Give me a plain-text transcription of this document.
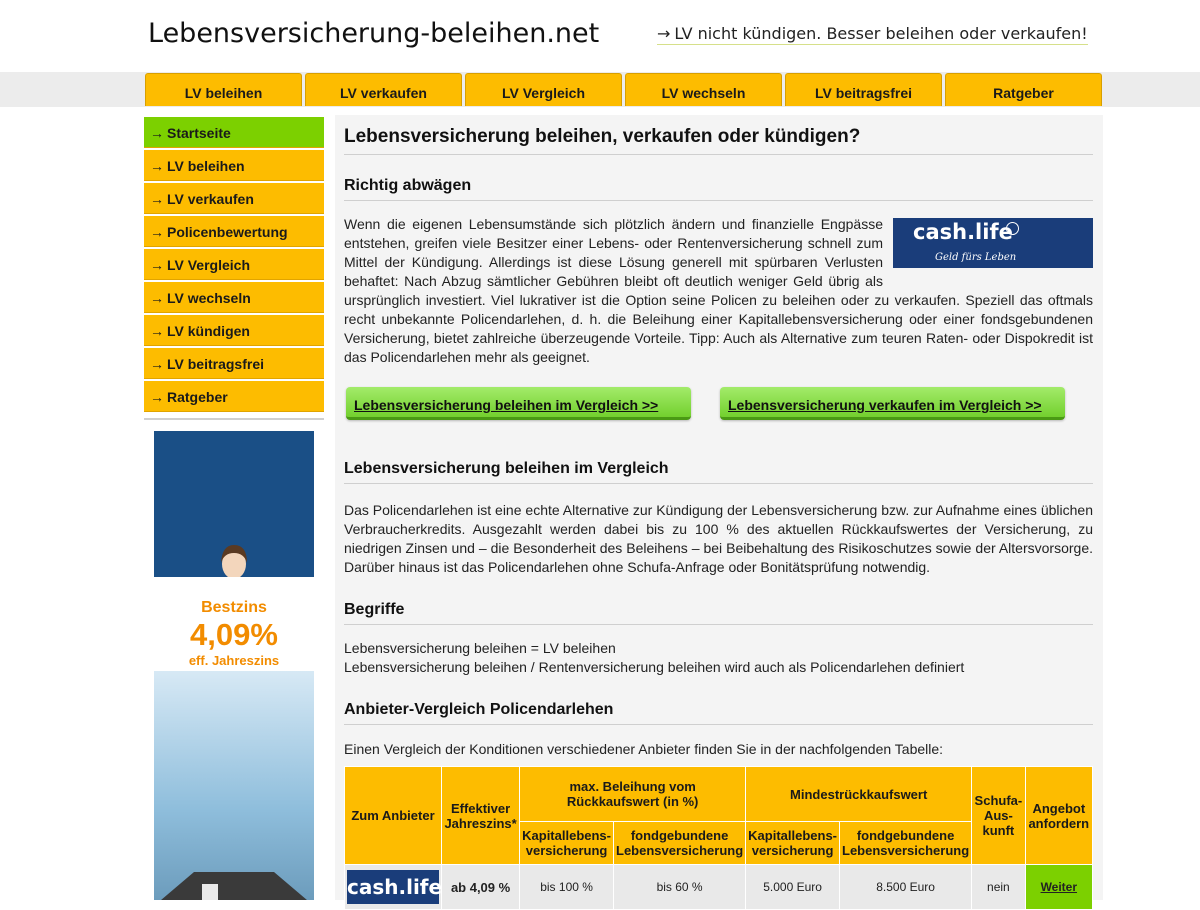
Lebensversicherung-beleihen.net	→ LV nicht kündigen. Besser beleihen oder verkaufen!
LV beleihen	LV verkaufen	LV Vergleich	LV wechseln	LV beitragsfrei	Ratgeber
→ Startseite
→ LV beleihen
→ LV verkaufen
→ Policenbewertung
→ LV Vergleich
→ LV wechseln
→ LV kündigen
→ LV beitragsfrei
→ Ratgeber
Bestzins
4,09%
eff. Jahreszins
Lebensversicherung beleihen, verkaufen oder kündigen?
Richtig abwägen
cash.life
Geld fürs Leben
Wenn die eigenen Lebensumstände sich plötzlich ändern und finanzielle Engpässe entstehen, greifen viele Besitzer einer Lebens- oder Rentenversicherung schnell zum Mittel der Kündigung. Allerdings ist diese Lösung generell mit spürbaren Verlusten behaftet: Nach Abzug sämtlicher Gebühren bleibt oft deutlich weniger Geld übrig als ursprünglich investiert. Viel lukrativer ist die Option seine Policen zu beleihen oder zu verkaufen. Speziell das oftmals recht unbekannte Policendarlehen, d. h. die Beleihung einer Kapitallebensversicherung oder einer fondsgebundenen Versicherung, bietet zahlreiche überzeugende Vorteile. Tipp: Auch als Alternative zum teuren Raten- oder Dispokredit ist das Policendarlehen mehr als geeignet.
Lebensversicherung beleihen im Vergleich >>	Lebensversicherung verkaufen im Vergleich >>
Lebensversicherung beleihen im Vergleich

Das Policendarlehen ist eine echte Alternative zur Kündigung der Lebensversicherung bzw. zur Aufnahme eines üblichen Verbraucherkredits. Ausgezahlt werden dabei bis zu 100 % des aktuellen Rückkaufswertes der Versicherung, zu niedrigen Zinsen und – die Besonderheit des Beleihens – bei Beibehaltung des Risikoschutzes sowie der Altersvorsorge. Darüber hinaus ist das Policendarlehen ohne Schufa-Anfrage oder Bonitätsprüfung notwendig.

Begriffe
Lebensversicherung beleihen = LV beleihen
Lebensversicherung beleihen / Rentenversicherung beleihen wird auch als Policendarlehen definiert
Anbieter-Vergleich Policendarlehen
Einen Vergleich der Konditionen verschiedener Anbieter finden Sie in der nachfolgenden Tabelle:
Zum Anbieter	Effektiver Jahreszins*	max. Beleihung vom Rückkaufswert (in %)		Mindestrückkaufswert		Schufa-Aus-kunft	Angebot anfordern
		Kapitallebens-versicherung	fondgebundene Lebensversicherung	Kapitallebens-versicherung	fondgebundene Lebensversicherung		
cash.life	ab 4,09 %	bis 100 %	bis 60 %	5.000 Euro	8.500 Euro	nein	Weiter
